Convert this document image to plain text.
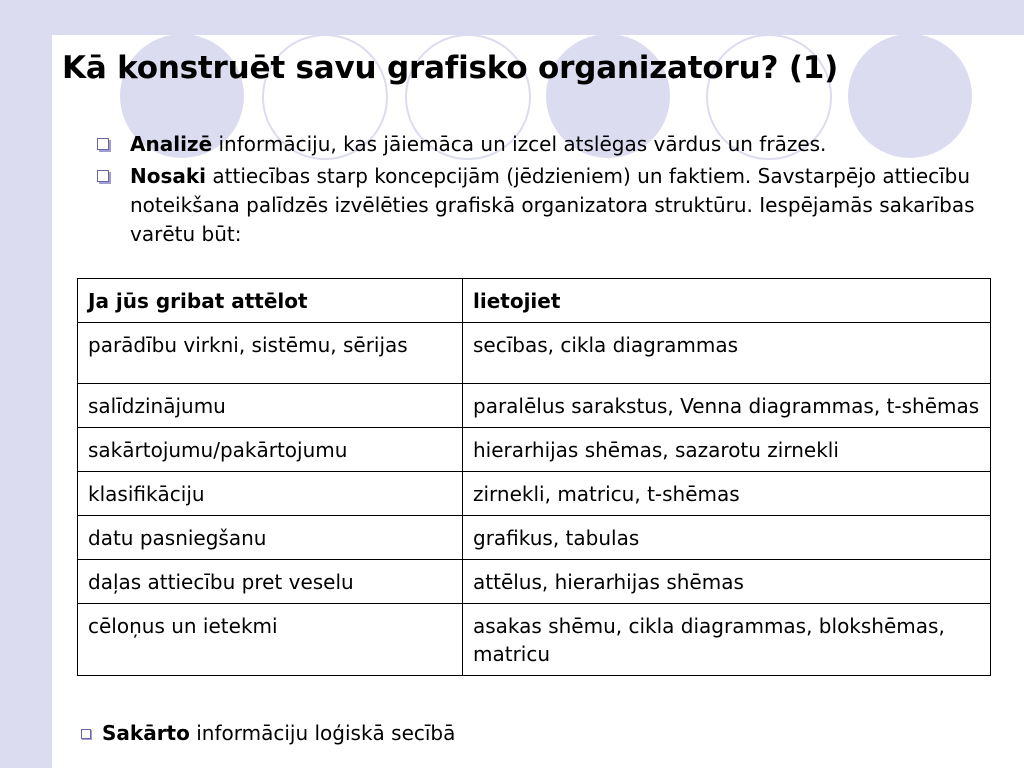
Kā konstruēt savu grafisko organizatoru? (1)
Analizē informāciju, kas jāiemāca un izcel atslēgas vārdus un frāzes.
Nosaki attiecības starp koncepcijām (jēdzieniem) un faktiem. Savstarpējo attiecību noteikšana palīdzēs izvēlēties grafiskā organizatora struktūru. Iespējamās sakarības varētu būt:
Ja jūs gribat attēlot	lietojiet
parādību virkni, sistēmu, sērijas	secības, cikla diagrammas
salīdzinājumu	paralēlus sarakstus, Venna diagrammas, t-shēmas
sakārtojumu/pakārtojumu	hierarhijas shēmas, sazarotu zirnekli
klasifikāciju	zirnekli, matricu, t-shēmas
datu pasniegšanu	grafikus, tabulas
daļas attiecību pret veselu	attēlus, hierarhijas shēmas
cēloņus un ietekmi	asakas shēmu, cikla diagrammas, blokshēmas, matricu
Sakārto informāciju loģiskā secībā
